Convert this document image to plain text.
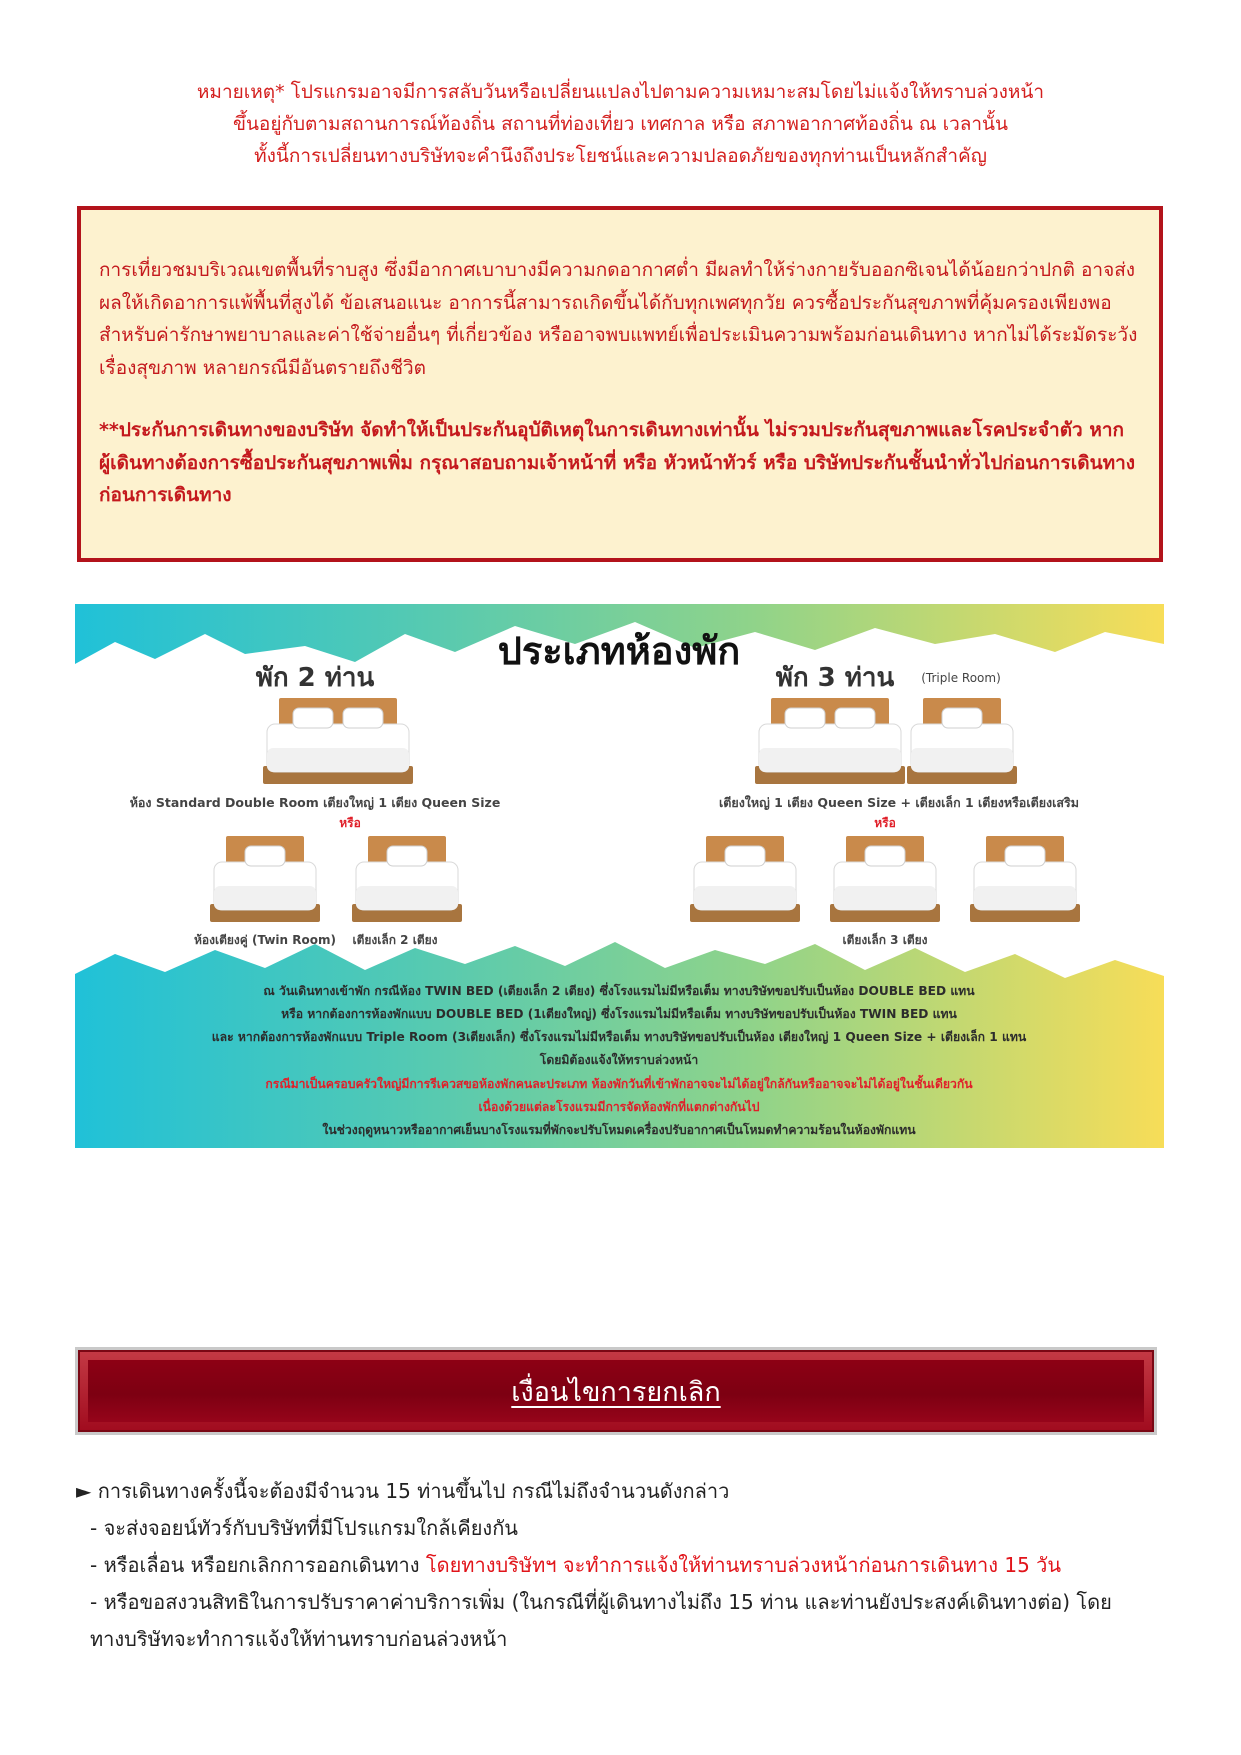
หมายเหตุ* โปรแกรมอาจมีการสลับวันหรือเปลี่ยนแปลงไปตามความเหมาะสมโดยไม่แจ้งให้ทราบล่วงหน้า
ขึ้นอยู่กับตามสถานการณ์ท้องถิ่น สถานที่ท่องเที่ยว เทศกาล หรือ สภาพอากาศท้องถิ่น ณ เวลานั้น
ทั้งนี้การเปลี่ยนทางบริษัทจะคำนึงถึงประโยชน์และความปลอดภัยของทุกท่านเป็นหลักสำคัญ

การเที่ยวชมบริเวณเขตพื้นที่ราบสูง ซึ่งมีอากาศเบาบางมีความกดอากาศต่ำ มีผลทำให้ร่างกายรับออกซิเจนได้น้อยกว่าปกติ อาจส่งผลให้เกิดอาการแพ้พื้นที่สูงได้ ข้อเสนอแนะ อาการนี้สามารถเกิดขึ้นได้กับทุกเพศทุกวัย ควรซื้อประกันสุขภาพที่คุ้มครองเพียงพอสำหรับค่ารักษาพยาบาลและค่าใช้จ่ายอื่นๆ ที่เกี่ยวข้อง หรืออาจพบแพทย์เพื่อประเมินความพร้อมก่อนเดินทาง หากไม่ได้ระมัดระวังเรื่องสุขภาพ หลายกรณีมีอันตรายถึงชีวิต

**ประกันการเดินทางของบริษัท จัดทำให้เป็นประกันอุบัติเหตุในการเดินทางเท่านั้น ไม่รวมประกันสุขภาพและโรคประจำตัว หาก ผู้เดินทางต้องการซื้อประกันสุขภาพเพิ่ม กรุณาสอบถามเจ้าหน้าที่ หรือ หัวหน้าทัวร์ หรือ บริษัทประกันชั้นนำทั่วไปก่อนการเดินทางก่อนการเดินทาง

ประเภทห้องพัก
พัก 2 ท่าน
ห้อง Standard Double Room เตียงใหญ่ 1 เตียง Queen Size
หรือ
ห้องเตียงคู่ (Twin Room) เตียงเล็ก 2 เตียง
พัก 3 ท่าน (Triple Room)
เตียงใหญ่ 1 เตียง Queen Size + เตียงเล็ก 1 เตียงหรือเตียงเสริม
หรือ
เตียงเล็ก 3 เตียง
ณ วันเดินทางเข้าพัก กรณีห้อง TWIN BED (เตียงเล็ก 2 เตียง) ซึ่งโรงแรมไม่มีหรือเต็ม ทางบริษัทขอปรับเป็นห้อง DOUBLE BED แทน
หรือ หากต้องการห้องพักแบบ DOUBLE BED (1เตียงใหญ่) ซึ่งโรงแรมไม่มีหรือเต็ม ทางบริษัทขอปรับเป็นห้อง TWIN BED แทน
และ หากต้องการห้องพักแบบ Triple Room (3เตียงเล็ก) ซึ่งโรงแรมไม่มีหรือเต็ม ทางบริษัทขอปรับเป็นห้อง เตียงใหญ่ 1 Queen Size + เตียงเล็ก 1 แทน
โดยมิต้องแจ้งให้ทราบล่วงหน้า
กรณีมาเป็นครอบครัวใหญ่มีการรีเควสขอห้องพักคนละประเภท ห้องพักวันที่เข้าพักอาจจะไม่ได้อยู่ใกล้กันหรืออาจจะไม่ได้อยู่ในชั้นเดียวกัน
เนื่องด้วยแต่ละโรงแรมมีการจัดห้องพักที่แตกต่างกันไป
ในช่วงฤดูหนาวหรืออากาศเย็นบางโรงแรมที่พักจะปรับโหมดเครื่องปรับอากาศเป็นโหมดทำความร้อนในห้องพักแทน
เงื่อนไขการยกเลิก
► การเดินทางครั้งนี้จะต้องมีจำนวน 15 ท่านขึ้นไป กรณีไม่ถึงจำนวนดังกล่าว
- จะส่งจอยน์ทัวร์กับบริษัทที่มีโปรแกรมใกล้เคียงกัน
- หรือเลื่อน หรือยกเลิกการออกเดินทาง โดยทางบริษัทฯ จะทำการแจ้งให้ท่านทราบล่วงหน้าก่อนการเดินทาง 15 วัน
- หรือขอสงวนสิทธิในการปรับราคาค่าบริการเพิ่ม (ในกรณีที่ผู้เดินทางไม่ถึง 15 ท่าน และท่านยังประสงค์เดินทางต่อ) โดย
ทางบริษัทจะทำการแจ้งให้ท่านทราบก่อนล่วงหน้า
